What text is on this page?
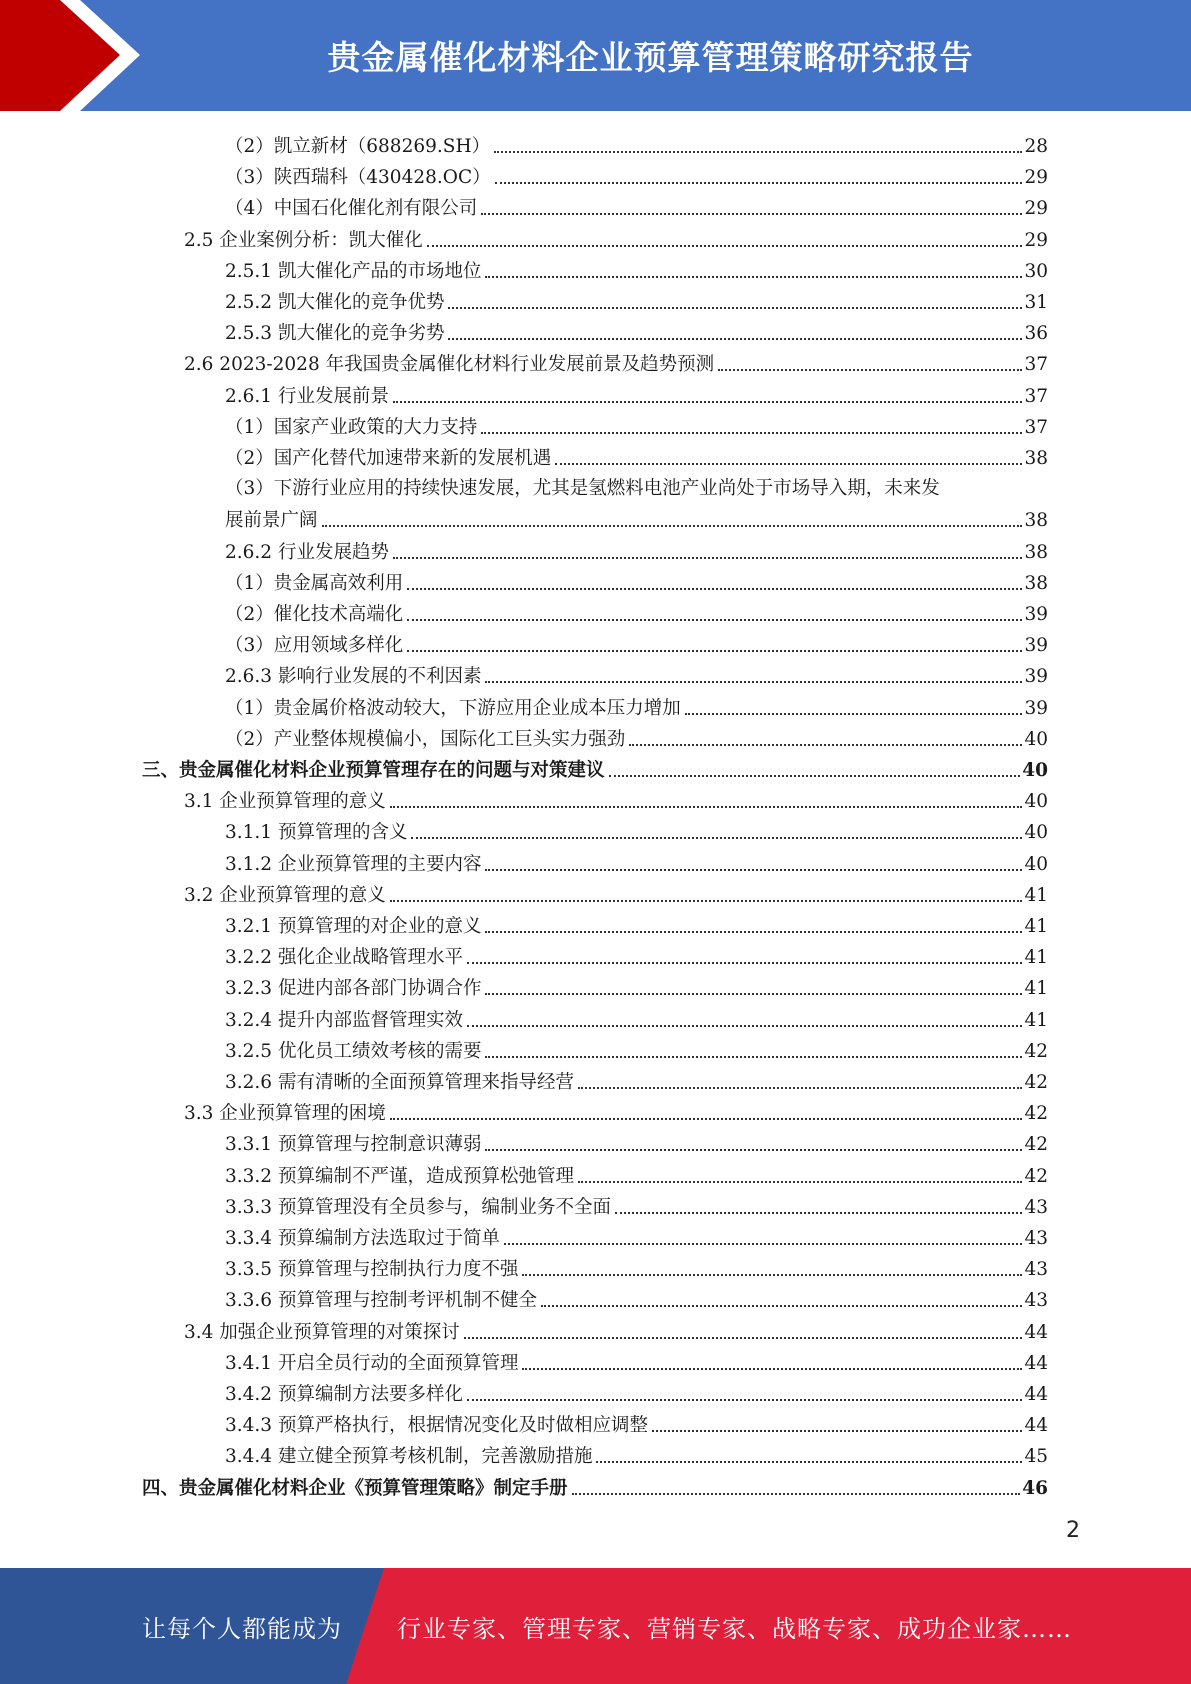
贵金属催化材料企业预算管理策略研究报告
（2）凯立新材（688269.SH）	28
（3）陕西瑞科（430428.OC）	29
（4）中国石化催化剂有限公司	29
2.5 企业案例分析：凯大催化	29
2.5.1 凯大催化产品的市场地位	30
2.5.2 凯大催化的竞争优势	31
2.5.3 凯大催化的竞争劣势	36
2.6 2023-2028 年我国贵金属催化材料行业发展前景及趋势预测	37
2.6.1 行业发展前景	37
（1）国家产业政策的大力支持	37
（2）国产化替代加速带来新的发展机遇	38
（3）下游行业应用的持续快速发展，尤其是氢燃料电池产业尚处于市场导入期，未来发
展前景广阔	38
2.6.2 行业发展趋势	38
（1）贵金属高效利用	38
（2）催化技术高端化	39
（3）应用领域多样化	39
2.6.3 影响行业发展的不利因素	39
（1）贵金属价格波动较大，下游应用企业成本压力增加	39
（2）产业整体规模偏小，国际化工巨头实力强劲	40
三、贵金属催化材料企业预算管理存在的问题与对策建议	40
3.1 企业预算管理的意义	40
3.1.1 预算管理的含义	40
3.1.2 企业预算管理的主要内容	40
3.2 企业预算管理的意义	41
3.2.1 预算管理的对企业的意义	41
3.2.2 强化企业战略管理水平	41
3.2.3 促进内部各部门协调合作	41
3.2.4 提升内部监督管理实效	41
3.2.5 优化员工绩效考核的需要	42
3.2.6 需有清晰的全面预算管理来指导经营	42
3.3 企业预算管理的困境	42
3.3.1 预算管理与控制意识薄弱	42
3.3.2 预算编制不严谨，造成预算松弛管理	42
3.3.3 预算管理没有全员参与，编制业务不全面	43
3.3.4 预算编制方法选取过于简单	43
3.3.5 预算管理与控制执行力度不强	43
3.3.6 预算管理与控制考评机制不健全	43
3.4 加强企业预算管理的对策探讨	44
3.4.1 开启全员行动的全面预算管理	44
3.4.2 预算编制方法要多样化	44
3.4.3 预算严格执行，根据情况变化及时做相应调整	44
3.4.4 建立健全预算考核机制，完善激励措施	45
四、贵金属催化材料企业《预算管理策略》制定手册	46
2
让每个人都能成为 行业专家、管理专家、营销专家、战略专家、成功企业家……
